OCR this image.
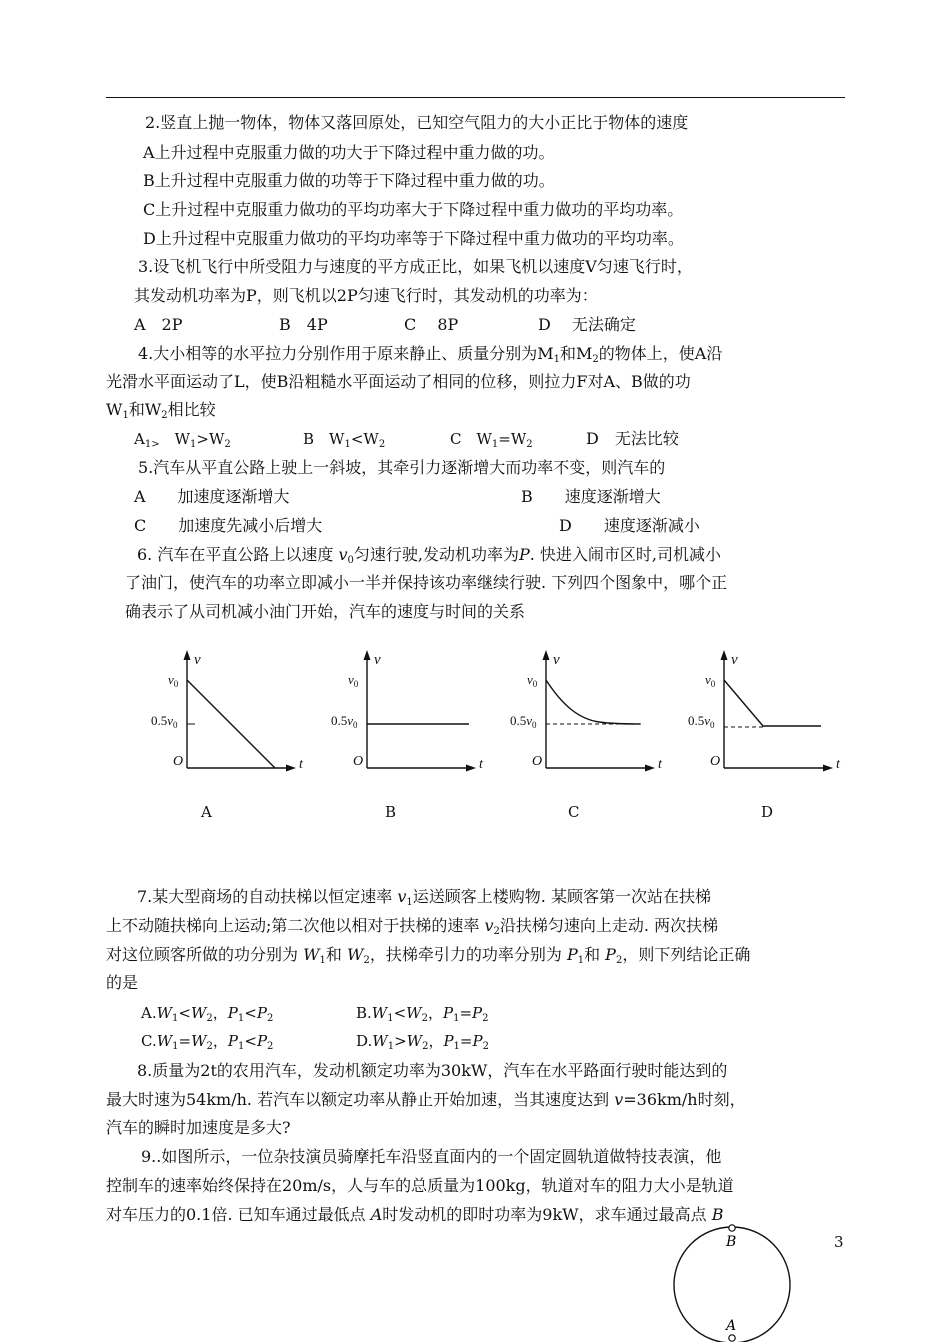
2.竖直上抛一物体，物体又落回原处，已知空气阻力的大小正比于物体的速度
A上升过程中克服重力做的功大于下降过程中重力做的功。
B上升过程中克服重力做的功等于下降过程中重力做的功。
C上升过程中克服重力做功的平均功率大于下降过程中重力做功的平均功率。
D上升过程中克服重力做功的平均功率等于下降过程中重力做功的平均功率。
3.设飞机飞行中所受阻力与速度的平方成正比，如果飞机以速度V匀速飞行时，
其发动机功率为P，则飞机以2P匀速飞行时，其发动机的功率为：
A　2P	B　4P	C　 8P	D　 无法确定
4.大小相等的水平拉力分别作用于原来静止、质量分别为$M_1$和$M_2$的物体上，使A沿
光滑水平面运动了L，使B沿粗糙水平面运动了相同的位移，则拉力F对A、B做的功
$W_1$和$W_2$相比较
$A_{1>}$　$W_1>W_2$	B　$W_1<W_2$	C　$W_1=W_2$	D　无法比较
5.汽车从平直公路上驶上一斜坡，其牵引力逐渐增大而功率不变，则汽车的
A　　加速度逐渐增大	B　　速度逐渐增大
C　　加速度先减小后增大	D　　速度逐渐减小
6. 汽车在平直公路上以速度 $v_0$匀速行驶,发动机功率为P. 快进入闹市区时,司机减小
了油门，使汽车的功率立即减小一半并保持该功率继续行驶. 下列四个图象中，哪个正
确表示了从司机减小油门开始，汽车的速度与时间的关系
v
t
O
$v_0$
$0.5v_0$
v
t
O
$v_0$
$0.5v_0$
v
t
O
$v_0$
$0.5v_0$
v
t
O
$v_0$
$0.5v_0$
A	B	C	D
7.某大型商场的自动扶梯以恒定速率 $v_1$运送顾客上楼购物. 某顾客第一次站在扶梯
上不动随扶梯向上运动;第二次他以相对于扶梯的速率 $v_2$沿扶梯匀速向上走动. 两次扶梯
对这位顾客所做的功分别为 $W_1$和 $W_2$，扶梯牵引力的功率分别为 $P_1$和 $P_2$，则下列结论正确
的是
$A.W_1<W_2$，$P_1<P_2$	$B.W_1<W_2$，$P_1=P_2$
$C.W_1=W_2$，$P_1<P_2$	$D.W_1>W_2$，$P_1=P_2$
8.质量为2t的农用汽车，发动机额定功率为30kW，汽车在水平路面行驶时能达到的
最大时速为54km/h. 若汽车以额定功率从静止开始加速，当其速度达到 v=36km/h时刻，
汽车的瞬时加速度是多大?
9..如图所示，一位杂技演员骑摩托车沿竖直面内的一个固定圆轨道做特技表演，他
控制车的速率始终保持在20m/s，人与车的总质量为100kg，轨道对车的阻力大小是轨道
对车压力的0.1倍. 已知车通过最低点 A时发动机的即时功率为9kW，求车通过最高点 B
3
B
A
